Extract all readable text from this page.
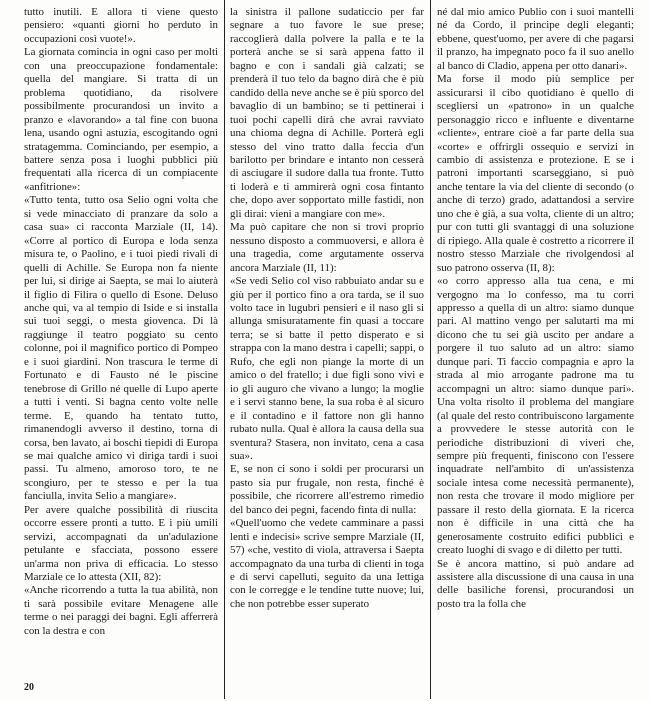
tutto inutili. E allora ti viene questo pensiero: «quanti giorni ho perduto in occupazioni così vuote!».

La giornata comincia in ogni caso per molti con una preoccupazione fondamentale: quella del mangiare. Si tratta di un problema quotidiano, da risolvere possibilmente procurandosi un invito a pranzo e «lavorando» a tal fine con buona lena, usando ogni astuzia, escogitando ogni stratagemma. Cominciando, per esempio, a battere senza posa i luoghi pubblici più frequentati alla ricerca di un compiacente «anfitrione»:

«Tutto tenta, tutto osa Selio ogni volta che si vede minacciato di pranzare da solo a casa sua» ci racconta Marziale (II, 14). «Corre al portico di Europa e loda senza misura te, o Paolino, e i tuoi piedi rivali di quelli di Achille. Se Europa non fa niente per lui, si dirige ai Saepta, se mai lo aiuterà il figlio di Filira o quello di Esone. Deluso anche qui, va al tempio di Iside e si installa sui tuoi seggi, o mesta giovenca. Di là raggiunge il teatro poggiato su cento colonne, poi il magnifico portico di Pompeo e i suoi giardini. Non trascura le terme di Fortunato e di Fausto né le piscine tenebrose di Grillo né quelle di Lupo aperte a tutti i venti. Si bagna cento volte nelle terme. E, quando ha tentato tutto, rimanendogli avverso il destino, torna di corsa, ben lavato, ai boschi tiepidi di Europa se mai qualche amico vi diriga tardi i suoi passi. Tu almeno, amoroso toro, te ne scongiuro, per te stesso e per la tua fanciulla, invita Selio a mangiare».

Per avere qualche possibilità di riuscita occorre essere pronti a tutto. E i più umili servizi, accompagnati da un'adulazione petulante e sfacciata, possono essere un'arma non priva di efficacia. Lo stesso Marziale ce lo attesta (XII, 82):

«Anche ricorrendo a tutta la tua abilità, non ti sarà possibile evitare Menagene alle terme o nei paraggi dei bagni. Egli afferrerà con la destra e con

la sinistra il pallone sudaticcio per far segnare a tuo favore le sue prese; raccoglierà dalla polvere la palla e te la porterà anche se si sarà appena fatto il bagno e con i sandali già calzati; se prenderà il tuo telo da bagno dirà che è più candido della neve anche se è più sporco del bavaglio di un bambino; se ti pettinerai i tuoi pochi capelli dirà che avrai ravviato una chioma degna di Achille. Porterà egli stesso del vino tratto dalla feccia d'un barilotto per brindare e intanto non cesserà di asciugare il sudore dalla tua fronte. Tutto ti loderà e ti ammirerà ogni cosa fintanto che, dopo aver sopportato mille fastidi, non gli dirai: vieni a mangiare con me».

Ma può capitare che non si trovi proprio nessuno disposto a commuoversi, e allora è una tragedia, come argutamente osserva ancora Marziale (II, 11):

«Se vedi Selio col viso rabbuiato andar su e giù per il portico fino a ora tarda, se il suo volto tace in lugubri pensieri e il naso gli si allunga smisuratamente fin quasi a toccare terra; se si batte il petto disperato e si strappa con la mano destra i capelli; sappi, o Rufo, che egli non piange la morte di un amico o del fratello; i due figli sono vivi e io gli auguro che vivano a lungo; la moglie e i servi stanno bene, la sua roba è al sicuro e il contadino e il fattore non gli hanno rubato nulla. Qual è allora la causa della sua sventura? Stasera, non invitato, cena a casa sua».

E, se non ci sono i soldi per procurarsi un pasto sia pur frugale, non resta, finché è possibile, che ricorrere all'estremo rimedio del banco dei pegni, facendo finta di nulla:

«Quell'uomo che vedete camminare a passi lenti e indecisi» scrive sempre Marziale (II, 57) «che, vestito di viola, attraversa i Saepta accompagnato da una turba di clienti in toga e di servi capelluti, seguito da una lettiga con le corregge e le tendine tutte nuove; lui, che non potrebbe esser superato

né dal mio amico Publio con i suoi mantelli né da Cordo, il principe degli eleganti; ebbene, quest'uomo, per avere di che pagarsi il pranzo, ha impegnato poco fa il suo anello al banco di Cladio, appena per otto danari».

Ma forse il modo più semplice per assicurarsi il cibo quotidiano è quello di scegliersi un «patrono» in un qualche personaggio ricco e influente e diventarne «cliente», entrare cioè a far parte della sua «corte» e offrirgli ossequio e servizi in cambio di assistenza e protezione. E se i patroni importanti scarseggiano, si può anche tentare la via del cliente di secondo (o anche di terzo) grado, adattandosi a servire uno che è già, a sua volta, cliente di un altro; pur con tutti gli svantaggi di una soluzione di ripiego. Alla quale è costretto a ricorrere il nostro stesso Marziale che rivolgendosi al suo patrono osserva (II, 8):

«o corro appresso alla tua cena, e mi vergogno ma lo confesso, ma tu corri appresso a quella di un altro: siamo dunque pari. Al mattino vengo per salutarti ma mi dicono che tu sei già uscito per andare a porgere il tuo saluto ad un altro: siamo dunque pari. Ti faccio compagnia e apro la strada al mio arrogante padrone ma tu accompagni un altro: siamo dunque pari». Una volta risolto il problema del mangiare (al quale del resto contribuiscono largamente a provvedere le stesse autorità con le periodiche distribuzioni di viveri che, sempre più frequenti, finiscono con l'essere inquadrate nell'ambito di un'assistenza sociale intesa come necessità permanente), non resta che trovare il modo migliore per passare il resto della giornata. E la ricerca non è difficile in una città che ha generosamente costruito edifici pubblici e creato luoghi di svago e di diletto per tutti.

Se è ancora mattino, si può andare ad assistere alla discussione di una causa in una delle basiliche forensi, procurandosi un posto tra la folla che

20
